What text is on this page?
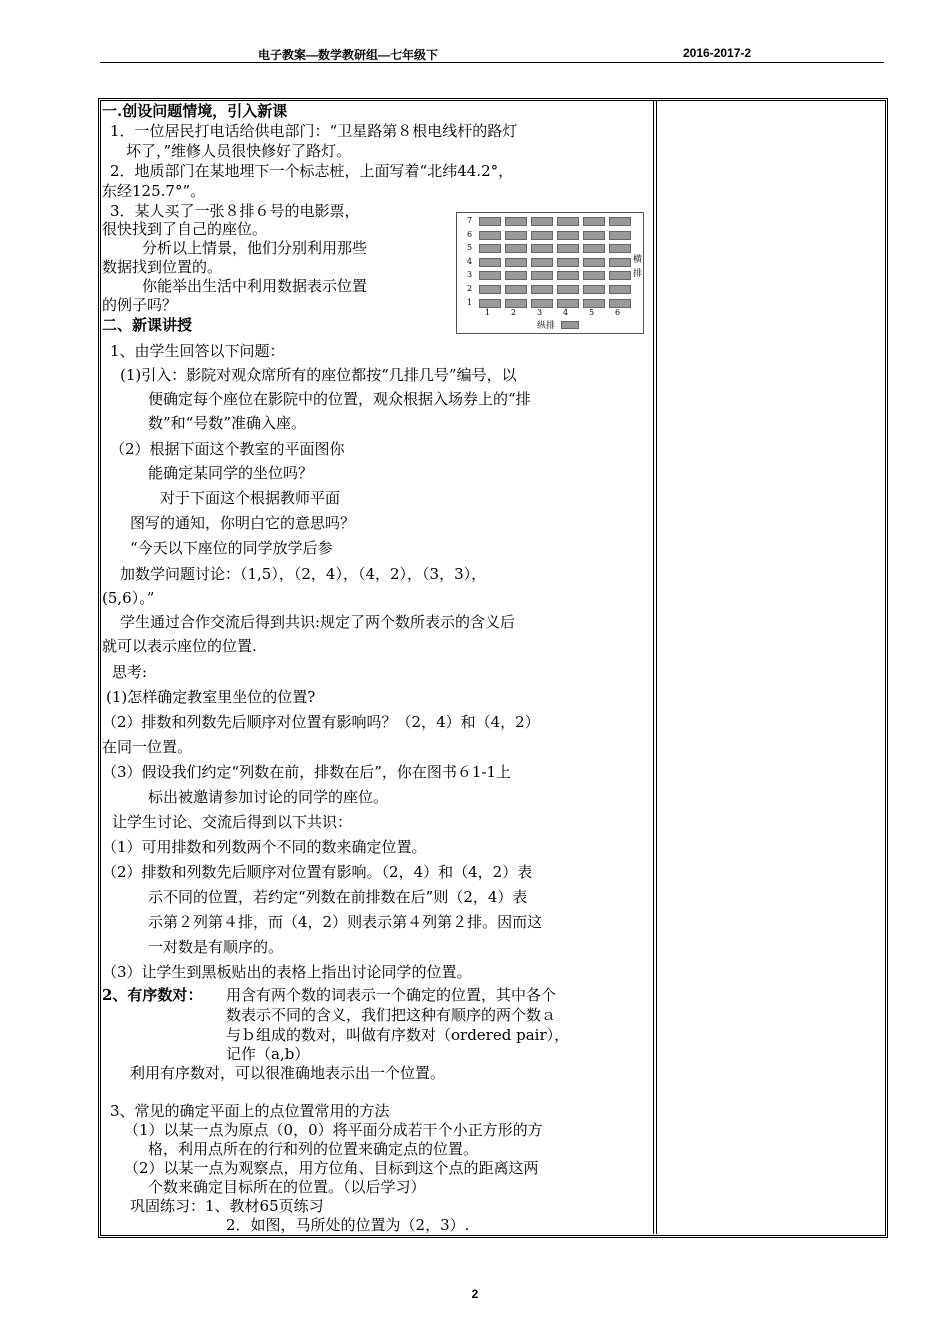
电子教案—数学教研组—七年级下	2016-2017-2
一.创设问题情境，引入新课
1．一位居民打电话给供电部门：“卫星路第８根电线杆的路灯
坏了，”维修人员很快修好了路灯。
2．地质部门在某地埋下一个标志桩，上面写着“北纬44.2°，
东经125.7°”。
3．某人买了一张８排６号的电影票，
很快找到了自己的座位。
分析以上情景，他们分别利用那些
数据找到位置的。
你能举出生活中利用数据表示位置
的例子吗？
二、新课讲授
1、由学生回答以下问题：
(1)引入：影院对观众席所有的座位都按“几排几号”编号，以
便确定每个座位在影院中的位置，观众根据入场券上的“排
数”和“号数”准确入座。
（2）根据下面这个教室的平面图你
能确定某同学的坐位吗？
对于下面这个根据教师平面
图写的通知，你明白它的意思吗？
“今天以下座位的同学放学后参
加数学问题讨论：（1,5），（2，4），（4，2），（3，3），
(5,6）。”
学生通过合作交流后得到共识:规定了两个数所表示的含义后
就可以表示座位的位置.
思考:
(1)怎样确定教室里坐位的位置?
（2）排数和列数先后顺序对位置有影响吗？（2，4）和（4，2）
在同一位置。
（3）假设我们约定“列数在前，排数在后”，你在图书６1-1上
标出被邀请参加讨论的同学的座位。
让学生讨论、交流后得到以下共识：
（1）可用排数和列数两个不同的数来确定位置。
（2）排数和列数先后顺序对位置有影响。（2，4）和（4，2）表
示不同的位置，若约定“列数在前排数在后”则（2，4）表
示第２列第４排，而（4，2）则表示第４列第２排。因而这
一对数是有顺序的。
（3）让学生到黑板贴出的表格上指出讨论同学的位置。
2、有序数对： 用含有两个数的词表示一个确定的位置，其中各个
数表示不同的含义，我们把这种有顺序的两个数ａ
与ｂ组成的数对，叫做有序数对（ordered pair），
记作（a,b）
利用有序数对，可以很准确地表示出一个位置。
3、常见的确定平面上的点位置常用的方法
（1）以某一点为原点（0，0）将平面分成若干个小正方形的方
格，利用点所在的行和列的位置来确定点的位置。
（2）以某一点为观察点，用方位角、目标到这个点的距离这两
个数来确定目标所在的位置。（以后学习）
巩固练习：1、教材65页练习
2．如图，马所处的位置为（2，3）.
7
6
5
4
3
2
1
1	2	3	4	5	6
横
排
纵排
2
